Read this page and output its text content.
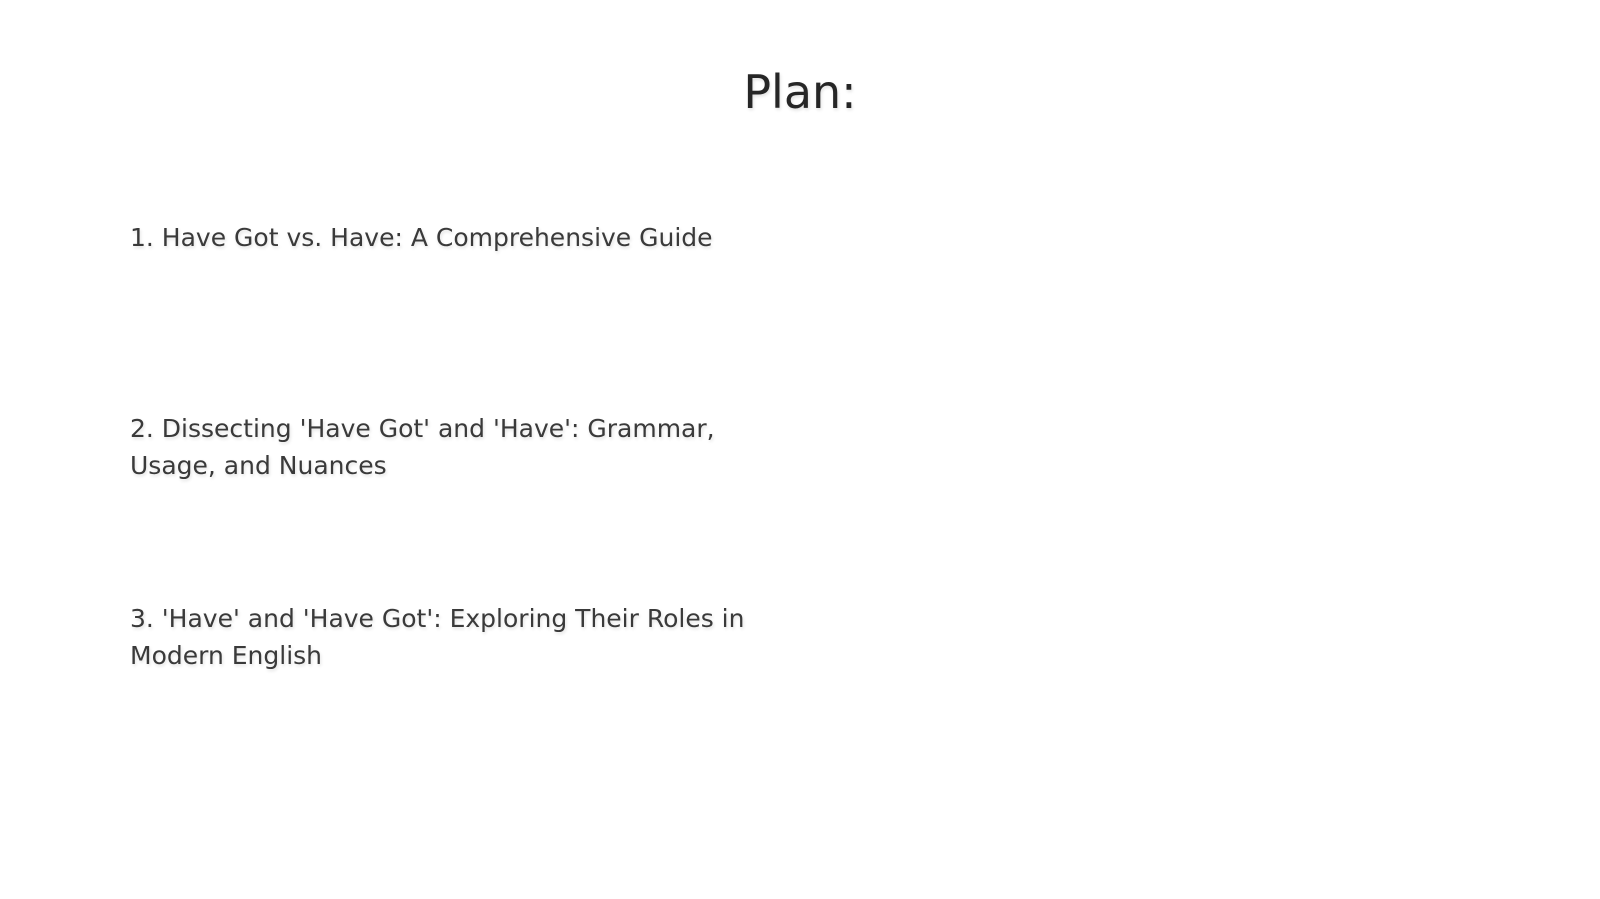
Plan:
1. Have Got vs. Have: A Comprehensive Guide
2. Dissecting 'Have Got' and 'Have': Grammar, Usage, and Nuances
3. 'Have' and 'Have Got': Exploring Their Roles in Modern English
